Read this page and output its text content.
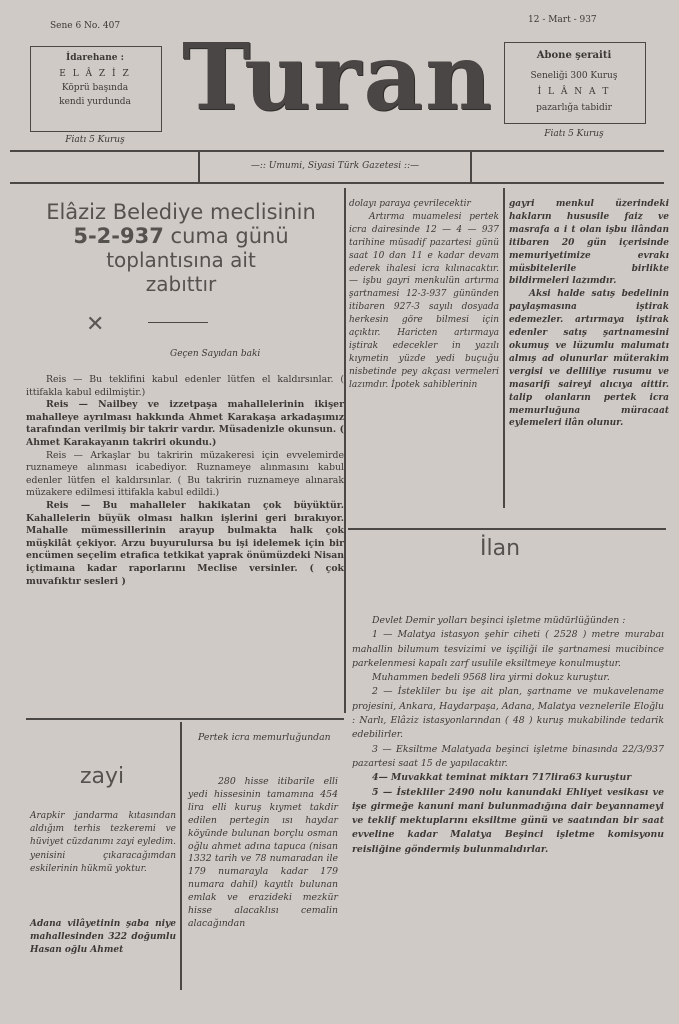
Sene 6 No. 407
12 - Mart - 937
İdarehane :
E L Â Z İ Z
Köprü başında
kendi yurdunda
Fiatı 5 Kuruş
Turan	Abone şeraiti
Seneliği 300 Kuruş
İ L Â N A T
pazarlığa tabidir
Fiatı 5 Kuruş
—:: Umumi, Siyasi Türk Gazetesi ::—
Elâziz Belediye meclisinin
5-2-937 cuma günü
toplantısına ait
zabıttır
✕
Geçen Sayıdan baki

Reis — Bu teklifini kabul edenler lütfen el kaldırsınlar. ( ittifakla kabul edilmiştir.)

Reis — Nailbey ve izzetpaşa mahallelerinin ikişer mahalleye ayrılması hakkında Ahmet Karakaşa arkadaşımız tarafından verilmiş bir takrir vardır. Müsadenizle okunsun. ( Ahmet Karakayanın takriri okundu.)

Reis — Arkaşlar bu takririn müzakeresi için evvelemirde ruznameye alınması icabediyor. Ruznameye alınmasını kabul edenler lütfen el kaldırsınlar. ( Bu takririn ruznameye alınarak müzakere edilmesi ittifakla kabul edildi.)

Reis — Bu mahalleler hakikatan çok büyüktür. Kahallelerin büyük olması halkın işlerini geri bırakıyor. Mahalle mümessillerinin arayup bulmakta halk çok müşkilât çekiyor. Arzu buyurulursa bu işi idelemek için bir encümen seçelim etrafica tetkikat yaprak önümüzdeki Nisan içtimaına kadar raporlarını Meclise versinler. ( çok muvafıktır sesleri )

dolayı paraya çevrilecektir

Artırma muamelesi pertek icra dairesinde 12 — 4 — 937 tarihine müsadif pazartesi günü saat 10 dan 11 e kadar devam ederek ihalesi icra kılınacaktır. — işbu gayri menkulün artırma şartnamesi 12-3-937 gününden itibaren 927-3 sayılı dosyada herkesin göre bilmesi için açıktır. Haricten artırmaya iştirak edecekler in yazılı kıymetin yüzde yedi buçuğu nisbetinde pey akçası vermeleri lazımdır. İpotek sahiblerinin

gayri menkul üzerindeki hakların hususile faiz ve masrafa a i t olan işbu ilândan itibaren 20 gün içerisinde memuriyetimize evrakı müsbitelerile birlikte bildirmeleri lazımdır.

Aksi halde satış bedelinin paylaşmasına iştirak edemezler. artırmaya iştirak edenler satış şartnamesini okumuş ve lüzumlu malumatı almış ad olunurlar müterakim vergisi ve delliliye rusumu ve masarifi saireyi alıcıya aittir. talip olanların pertek icra memurluğuna müracaat eylemeleri ilân olunur.

İlan

Devlet Demir yolları beşinci işletme müdürlüğünden :

1 — Malatya istasyon şehir ciheti ( 2528 ) metre murabaı mahallin bilumum tesvizimi ve işçiliği ile şartnamesi mucibince parkelenmesi kapalı zarf usulile eksiltmeye konulmuştur.

Muhammen bedeli 9568 lira yirmi dokuz kuruştur.

2 — İstekliler bu işe ait plan, şartname ve mukavelename projesini, Ankara, Haydarpaşa, Adana, Malatya veznelerile Eloğlu : Narlı, Elâziz istasyonlarından ( 48 ) kuruş mukabilinde tedarik edebilirler.

3 — Eksiltme Malatyada beşinci işletme binasında 22/3/937 pazartesi saat 15 de yapılacaktır.

4— Muvakkat teminat miktarı 717lira63 kuruştur

5 — İstekliler 2490 nolu kanundaki Ehliyet vesikası ve işe girmeğe kanuni mani bulunmadığına dair beyannameyi ve teklif mektuplarını eksiltme günü ve saatından bir saat evveline kadar Malatya Beşinci işletme komisyonu reisliğine göndermiş bulunmalıdırlar.

zayi
Arapkir jandarma kıtasından aldığım terhis tezkeremi ve hüviyet cüzdanımı zayi eyledim. yenisini çıkaracağımdan eskilerinin hükmü yoktur.
Adana vilâyetinin şaba niye mahallesinden 322 doğumlu Hasan oğlu Ahmet
Pertek icra memurluğundan
280 hisse itibarile elli yedi hissesinin tamamına 454 lira elli kuruş kıymet takdir edilen pertegin ısı haydar köyünde bulunan borçlu osman oğlu ahmet adına tapuca (nisan 1332 tarih ve 78 numaradan ile 179 numarayla kadar 179 numara dahil) kayıtlı bulunan emlak ve erazideki mezkür hisse alacaklısı cemalin alacağından
